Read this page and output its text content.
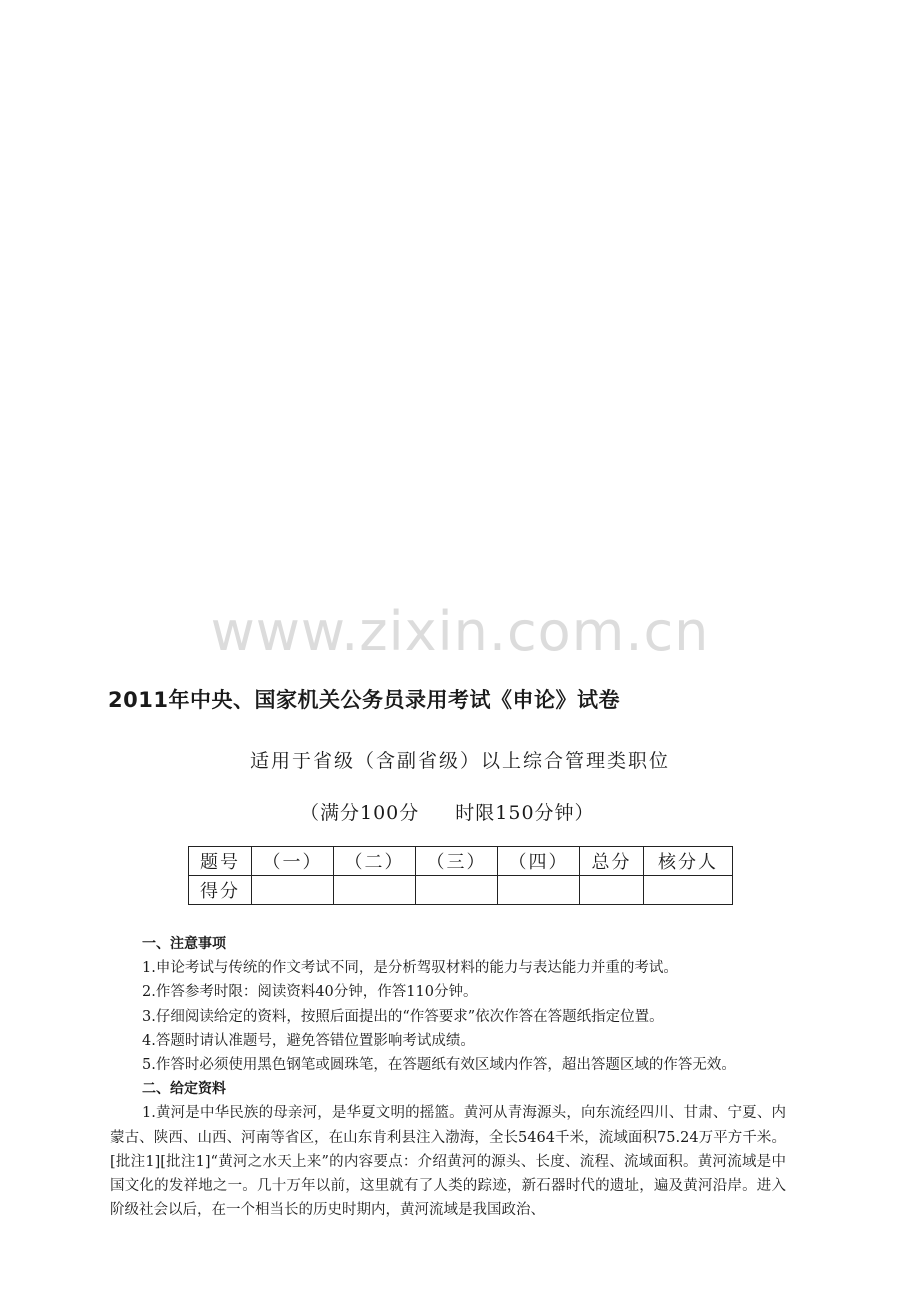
www.zixin.com.cn
2011年中央、国家机关公务员录用考试《申论》试卷
适用于省级（含副省级）以上综合管理类职位
（满分100分 时限150分钟）
题号	（一）	（二）	（三）	（四）	总分	核分人
得分						
一、注意事项
1.申论考试与传统的作文考试不同，是分析驾驭材料的能力与表达能力并重的考试。
2.作答参考时限：阅读资料40分钟，作答110分钟。
3.仔细阅读给定的资料，按照后面提出的“作答要求”依次作答在答题纸指定位置。
4.答题时请认准题号，避免答错位置影响考试成绩。
5.作答时必须使用黑色钢笔或圆珠笔，在答题纸有效区域内作答，超出答题区域的作答无效。
二、给定资料

1.黄河是中华民族的母亲河，是华夏文明的摇篮。黄河从青海源头，向东流经四川、甘肃、宁夏、内蒙古、陕西、山西、河南等省区，在山东肯利县注入渤海，全长5464千米，流域面积75.24万平方千米。[批注1][批注1]“黄河之水天上来”的内容要点：介绍黄河的源头、长度、流程、流域面积。黄河流域是中国文化的发祥地之一。几十万年以前，这里就有了人类的踪迹，新石器时代的遗址，遍及黄河沿岸。进入阶级社会以后，在一个相当长的历史时期内，黄河流域是我国政治、
